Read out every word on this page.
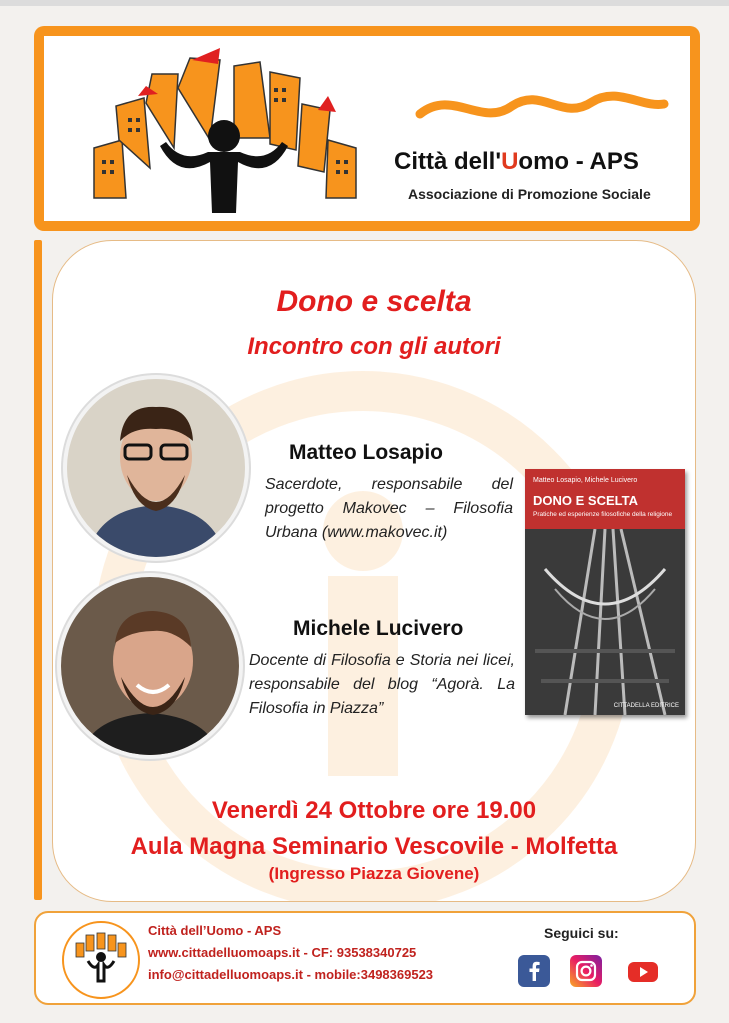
Città dell'Uomo - APS
Associazione di Promozione Sociale
Dono e scelta
Incontro con gli autori
Matteo Losapio
Sacerdote, responsabile del progetto Makovec – Filosofia Urbana (www.makovec.it)
Michele Lucivero
Docente di Filosofia e Storia nei licei, responsabile del blog “Agorà. La Filosofia in Piazza”
Matteo Losapio, Michele Lucivero
DONO E SCELTA
Pratiche ed esperienze filosofiche della religione
CITTADELLA EDITRICE
Venerdì 24 Ottobre ore 19.00
Aula Magna Seminario Vescovile - Molfetta
(Ingresso Piazza Giovene)
Città dell’Uomo - APS
www.cittadelluomoaps.it - CF: 93538340725
info@cittadelluomoaps.it - mobile:3498369523
Seguici su:
